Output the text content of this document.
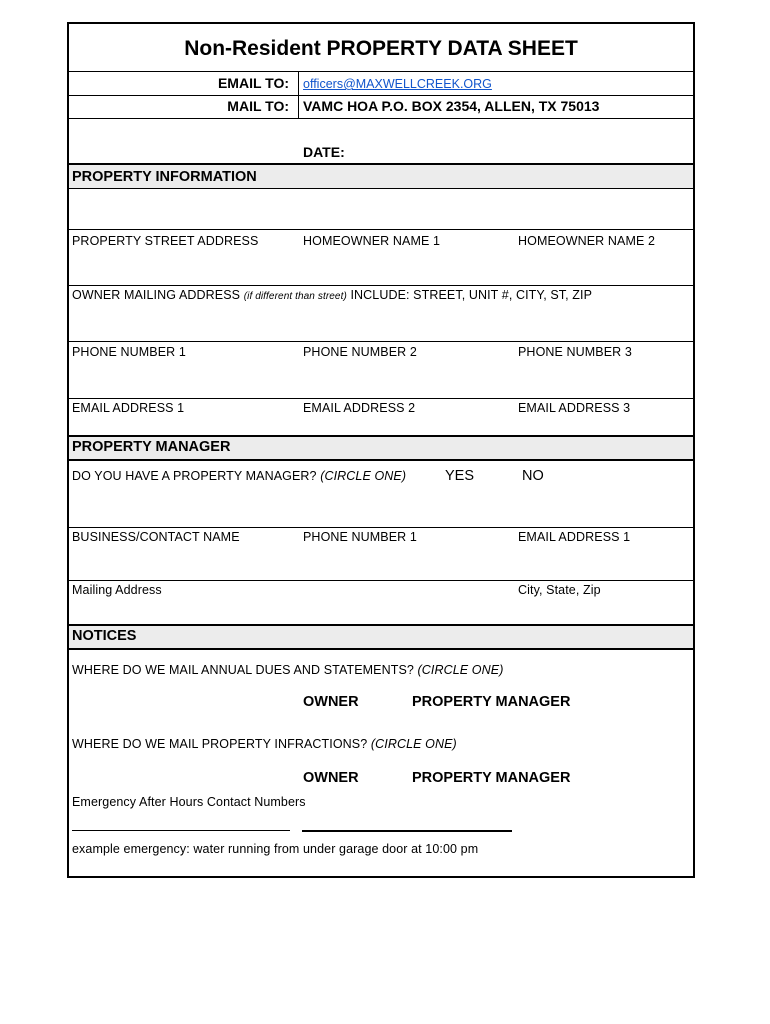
Non-Resident PROPERTY DATA SHEET
EMAIL TO: officers@MAXWELLCREEK.ORG
MAIL TO: VAMC HOA P.O. BOX 2354, ALLEN, TX 75013
DATE:
PROPERTY INFORMATION
PROPERTY STREET ADDRESS	HOMEOWNER NAME 1	HOMEOWNER NAME 2
OWNER MAILING ADDRESS (if different than street) INCLUDE: STREET, UNIT #, CITY, ST, ZIP
PHONE NUMBER 1	PHONE NUMBER 2	PHONE NUMBER 3
EMAIL ADDRESS 1	EMAIL ADDRESS 2	EMAIL ADDRESS 3
PROPERTY MANAGER
DO YOU HAVE A PROPERTY MANAGER? (CIRCLE ONE)	YES	NO
BUSINESS/CONTACT NAME	PHONE NUMBER 1	EMAIL ADDRESS 1
Mailing Address	City, State, Zip
NOTICES
WHERE DO WE MAIL ANNUAL DUES AND STATEMENTS? (CIRCLE ONE)
OWNER	PROPERTY MANAGER
WHERE DO WE MAIL PROPERTY INFRACTIONS? (CIRCLE ONE)
OWNER	PROPERTY MANAGER
Emergency After Hours Contact Numbers
example emergency: water running from under garage door at 10:00 pm
